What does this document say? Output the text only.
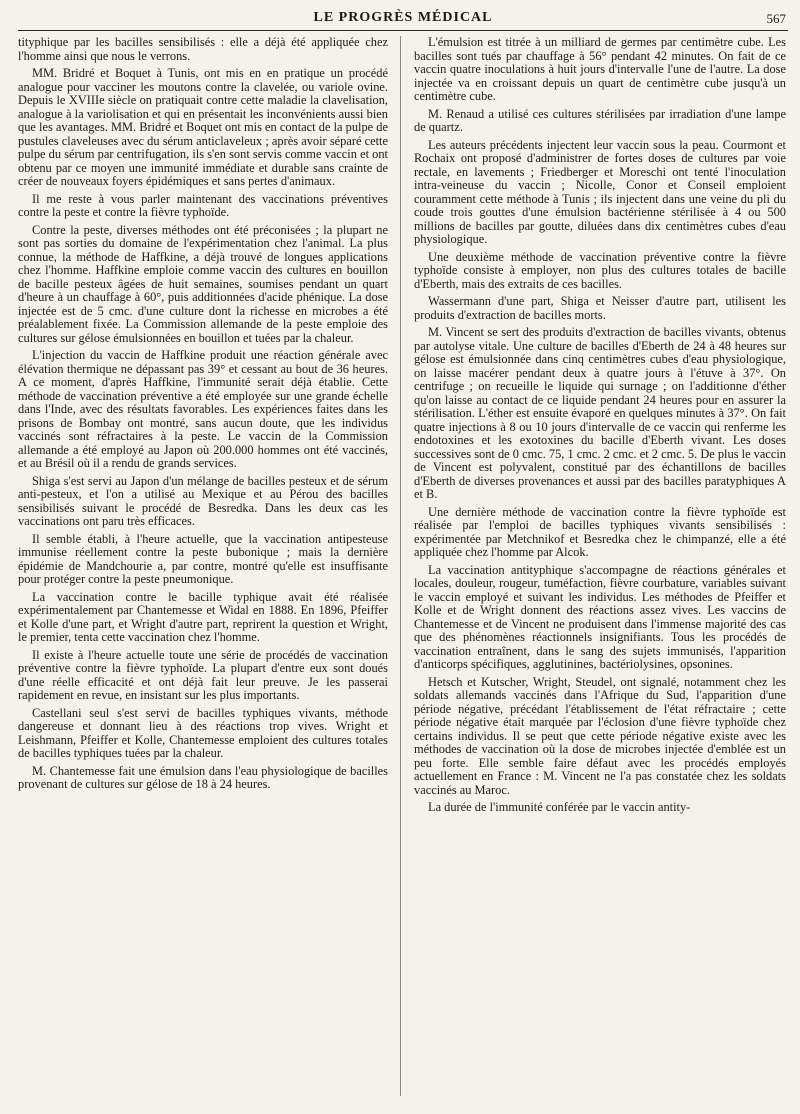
LE PROGRÈS MÉDICAL	567

tityphique par les bacilles sensibilisés : elle a déjà été appliquée chez l'homme ainsi que nous le verrons.

MM. Bridré et Boquet à Tunis, ont mis en en pratique un procédé analogue pour vacciner les moutons contre la clavelée, ou variole ovine. Depuis le XVIIIe siècle on pratiquait contre cette maladie la clavelisation, analogue à la variolisation et qui en présentait les inconvénients aussi bien que les avantages. MM. Bridré et Boquet ont mis en contact de la pulpe de pustules claveleuses avec du sérum anticlaveleux ; après avoir séparé cette pulpe du sérum par centrifugation, ils s'en sont servis comme vaccin et ont obtenu par ce moyen une immunité immédiate et durable sans crainte de créer de nouveaux foyers épidémiques et sans pertes d'animaux.

Il me reste à vous parler maintenant des vaccinations préventives contre la peste et contre la fièvre typhoïde.

Contre la peste, diverses méthodes ont été préconisées ; la plupart ne sont pas sorties du domaine de l'expérimentation chez l'animal. La plus connue, la méthode de Haffkine, a déjà trouvé de longues applications chez l'homme. Haffkine emploie comme vaccin des cultures en bouillon de bacille pesteux âgées de huit semaines, soumises pendant un quart d'heure à un chauffage à 60°, puis additionnées d'acide phénique. La dose injectée est de 5 cmc. d'une culture dont la richesse en microbes a été préalablement fixée. La Commission allemande de la peste emploie des cultures sur gélose émulsionnées en bouillon et tuées par la chaleur.

L'injection du vaccin de Haffkine produit une réaction générale avec élévation thermique ne dépassant pas 39° et cessant au bout de 36 heures. A ce moment, d'après Haffkine, l'immunité serait déjà établie. Cette méthode de vaccination préventive a été employée sur une grande échelle dans l'Inde, avec des résultats favorables. Les expériences faites dans les prisons de Bombay ont montré, sans aucun doute, que les individus vaccinés sont réfractaires à la peste. Le vaccin de la Commission allemande a été employé au Japon où 200.000 hommes ont été vaccinés, et au Brésil où il a rendu de grands services.

Shiga s'est servi au Japon d'un mélange de bacilles pesteux et de sérum anti-pesteux, et l'on a utilisé au Mexique et au Pérou des bacilles sensibilisés suivant le procédé de Besredka. Dans les deux cas les vaccinations ont paru très efficaces.

Il semble établi, à l'heure actuelle, que la vaccination antipesteuse immunise réellement contre la peste bubonique ; mais la dernière épidémie de Mandchourie a, par contre, montré qu'elle est insuffisante pour protéger contre la peste pneumonique.

La vaccination contre le bacille typhique avait été réalisée expérimentalement par Chantemesse et Widal en 1888. En 1896, Pfeiffer et Kolle d'une part, et Wright d'autre part, reprirent la question et Wright, le premier, tenta cette vaccination chez l'homme.

Il existe à l'heure actuelle toute une série de procédés de vaccination préventive contre la fièvre typhoïde. La plupart d'entre eux sont doués d'une réelle efficacité et ont déjà fait leur preuve. Je les passerai rapidement en revue, en insistant sur les plus importants.

Castellani seul s'est servi de bacilles typhiques vivants, méthode dangereuse et donnant lieu à des réactions trop vives. Wright et Leishmann, Pfeiffer et Kolle, Chantemesse emploient des cultures totales de bacilles typhiques tuées par la chaleur.

M. Chantemesse fait une émulsion dans l'eau physiologique de bacilles provenant de cultures sur gélose de 18 à 24 heures.

L'émulsion est titrée à un milliard de germes par centimètre cube. Les bacilles sont tués par chauffage à 56° pendant 42 minutes. On fait de ce vaccin quatre inoculations à huit jours d'intervalle l'une de l'autre. La dose injectée va en croissant depuis un quart de centimètre cube jusqu'à un centimètre cube.

M. Renaud a utilisé ces cultures stérilisées par irradiation d'une lampe de quartz.

Les auteurs précédents injectent leur vaccin sous la peau. Courmont et Rochaix ont proposé d'administrer de fortes doses de cultures par voie rectale, en lavements ; Friedberger et Moreschi ont tenté l'inoculation intra-veineuse du vaccin ; Nicolle, Conor et Conseil emploient couramment cette méthode à Tunis ; ils injectent dans une veine du pli du coude trois gouttes d'une émulsion bactérienne stérilisée à 4 ou 500 millions de bacilles par goutte, diluées dans dix centimètres cubes d'eau physiologique.

Une deuxième méthode de vaccination préventive contre la fièvre typhoïde consiste à employer, non plus des cultures totales de bacille d'Eberth, mais des extraits de ces bacilles.

Wassermann d'une part, Shiga et Neisser d'autre part, utilisent les produits d'extraction de bacilles morts.

M. Vincent se sert des produits d'extraction de bacilles vivants, obtenus par autolyse vitale. Une culture de bacilles d'Eberth de 24 à 48 heures sur gélose est émulsionnée dans cinq centimètres cubes d'eau physiologique, on laisse macérer pendant deux à quatre jours à l'étuve à 37°. On centrifuge ; on recueille le liquide qui surnage ; on l'additionne d'éther qu'on laisse au contact de ce liquide pendant 24 heures pour en assurer la stérilisation. L'éther est ensuite évaporé en quelques minutes à 37°. On fait quatre injections à 8 ou 10 jours d'intervalle de ce vaccin qui renferme les endotoxines et les exotoxines du bacille d'Eberth vivant. Les doses successives sont de 0 cmc. 75, 1 cmc. 2 cmc. et 2 cmc. 5. De plus le vaccin de Vincent est polyvalent, constitué par des échantillons de bacilles d'Eberth de diverses provenances et aussi par des bacilles paratyphiques A et B.

Une dernière méthode de vaccination contre la fièvre typhoïde est réalisée par l'emploi de bacilles typhiques vivants sensibilisés : expérimentée par Metchnikof et Besredka chez le chimpanzé, elle a été appliquée chez l'homme par Alcok.

La vaccination antityphique s'accompagne de réactions générales et locales, douleur, rougeur, tuméfaction, fièvre courbature, variables suivant le vaccin employé et suivant les individus. Les méthodes de Pfeiffer et Kolle et de Wright donnent des réactions assez vives. Les vaccins de Chantemesse et de Vincent ne produisent dans l'immense majorité des cas que des phénomènes réactionnels insignifiants. Tous les procédés de vaccination entraînent, dans le sang des sujets immunisés, l'apparition d'anticorps spécifiques, agglutinines, bactériolysines, opsonines.

Hetsch et Kutscher, Wright, Steudel, ont signalé, notamment chez les soldats allemands vaccinés dans l'Afrique du Sud, l'apparition d'une période négative, précédant l'établissement de l'état réfractaire ; cette période négative était marquée par l'éclosion d'une fièvre typhoïde chez certains individus. Il se peut que cette période négative existe avec les méthodes de vaccination où la dose de microbes injectée d'emblée est un peu forte. Elle semble faire défaut avec les procédés employés actuellement en France : M. Vincent ne l'a pas constatée chez les soldats vaccinés au Maroc.

La durée de l'immunité conférée par le vaccin antity-
